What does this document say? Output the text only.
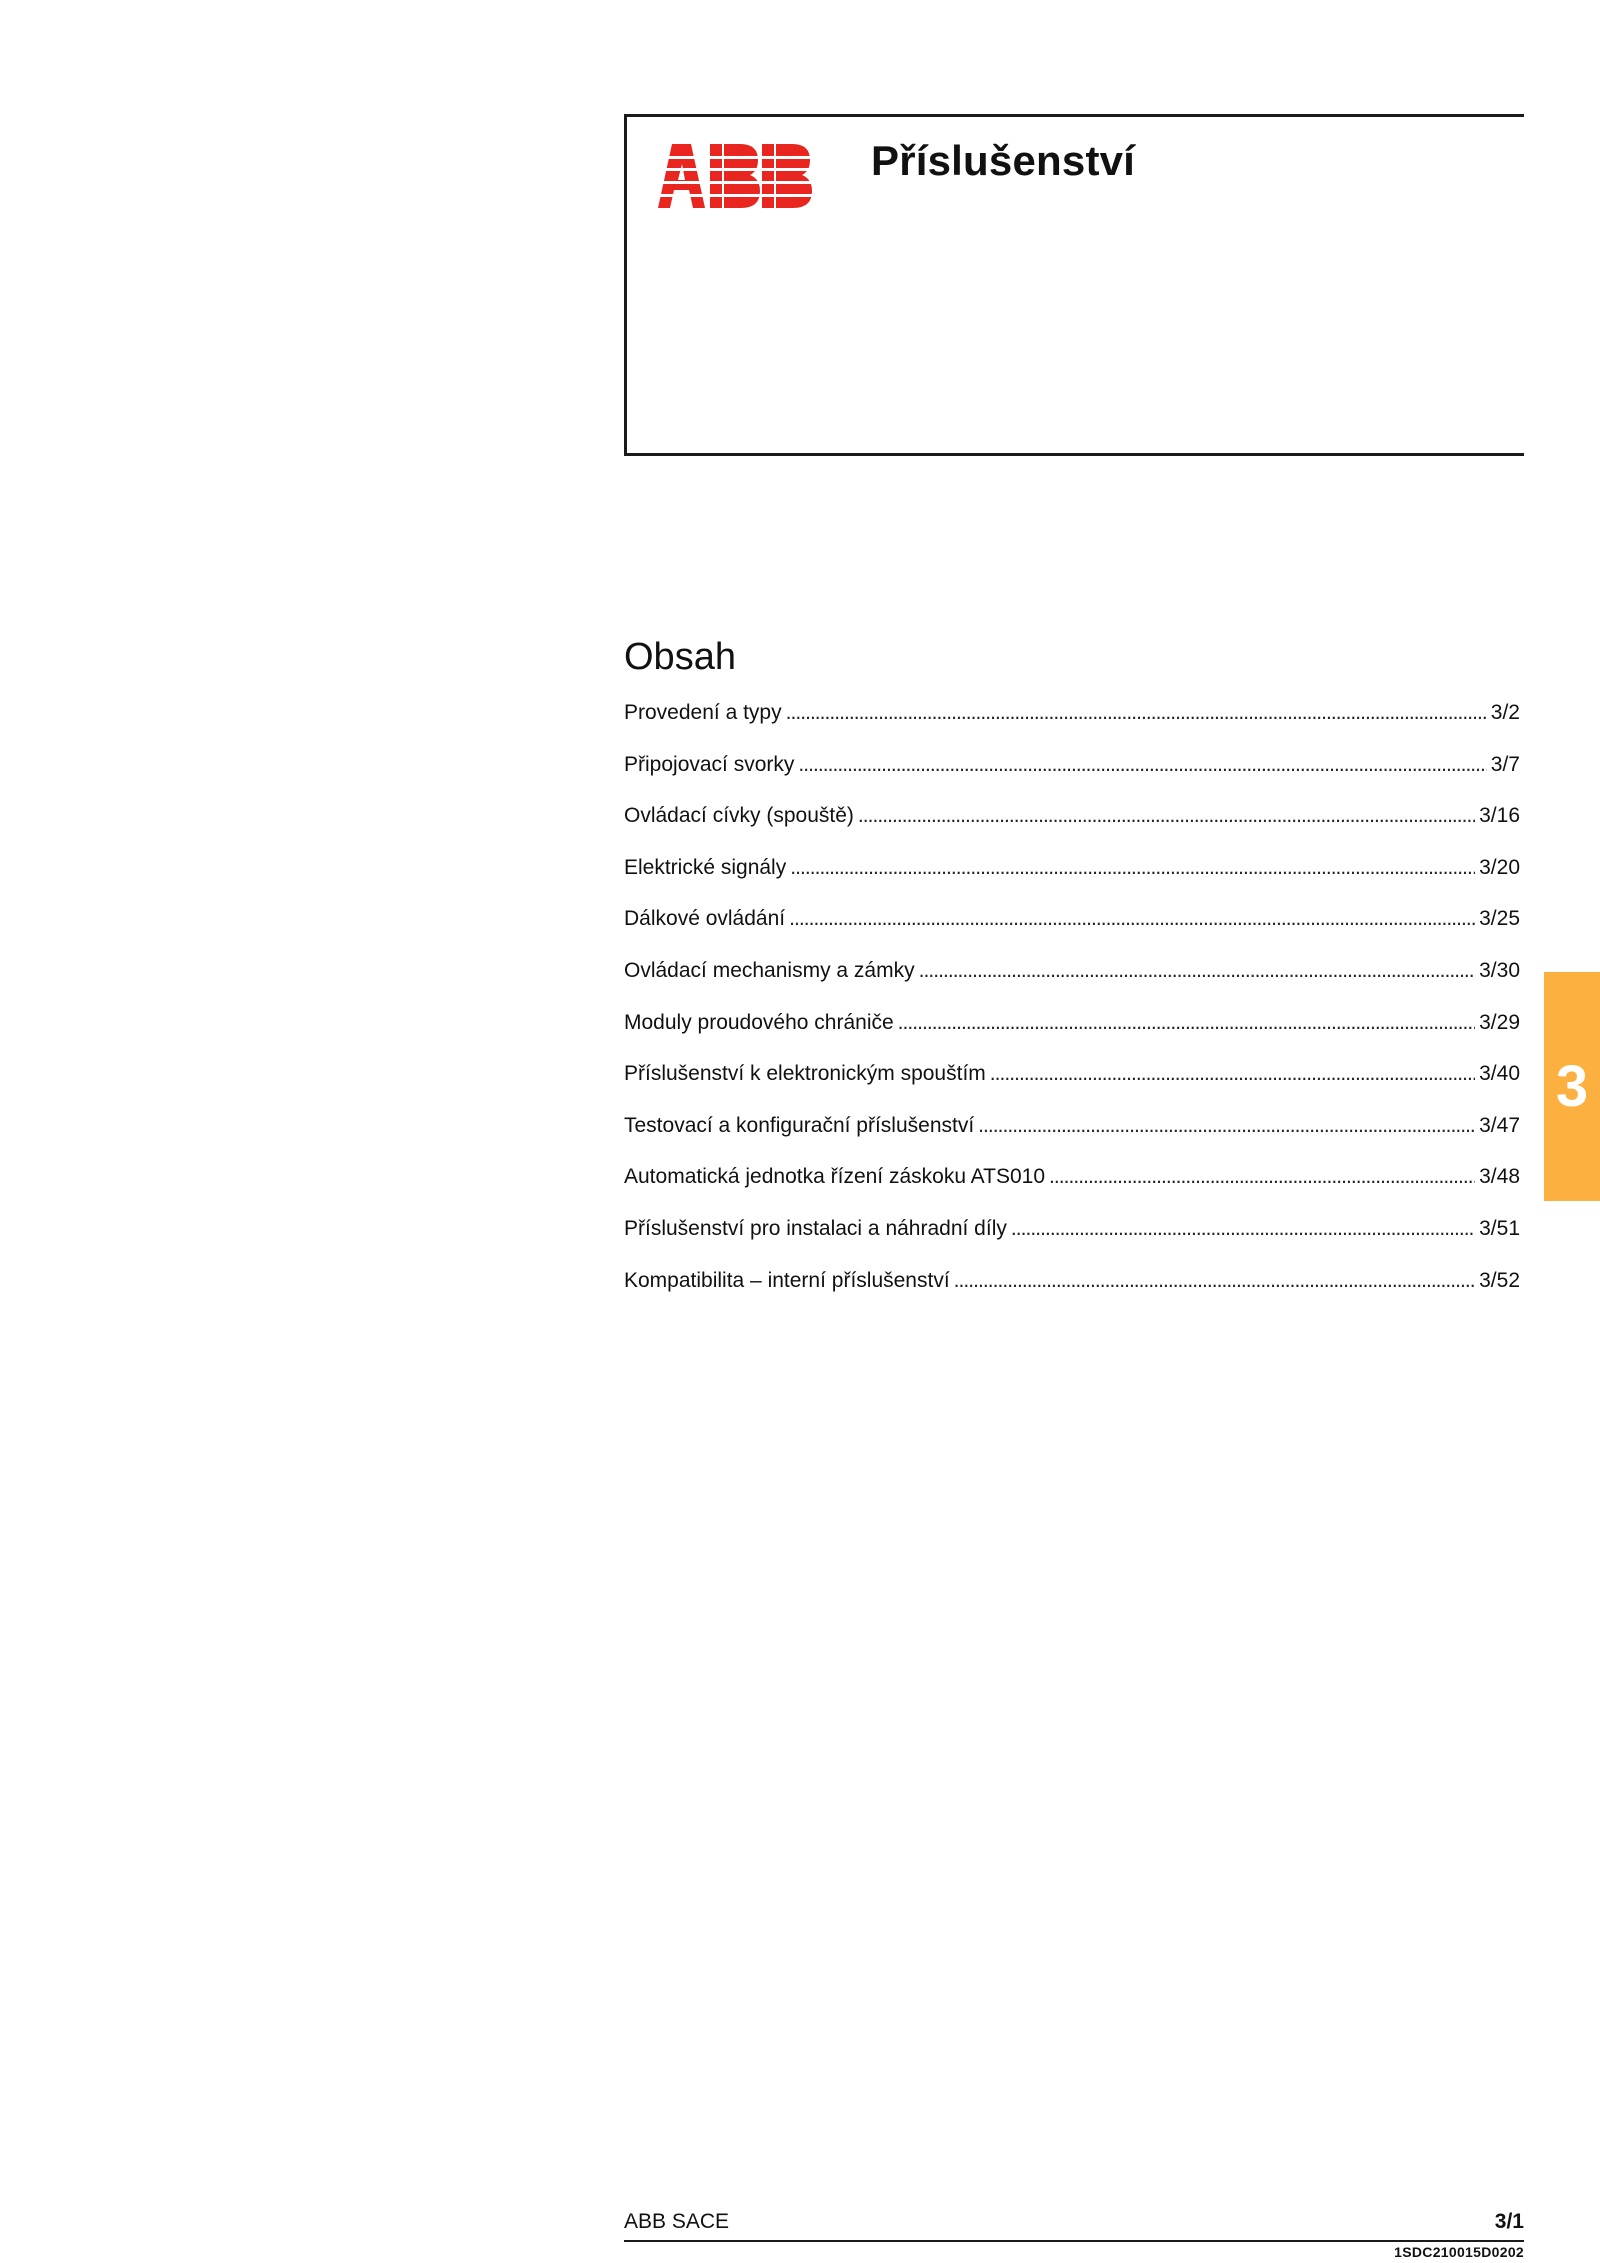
Příslušenství
Obsah
Provedení a typy . . .	3/2
Připojovací svorky . . .	3/7
Ovládací cívky (spouště) . . .	3/16
Elektrické signály . . .	3/20
Dálkové ovládání . . .	3/25
Ovládací mechanismy a zámky . . .	3/30
Moduly proudového chrániče . . .	3/29
Příslušenství k elektronickým spouštím . . .	3/40
Testovací a konfigurační příslušenství . . .	3/47
Automatická jednotka řízení záskoku ATS010 . . .	3/48
Příslušenství pro instalaci a náhradní díly . . .	3/51
Kompatibilita – interní příslušenství . . .	3/52
3
ABB SACE	3/1
1SDC210015D0202
